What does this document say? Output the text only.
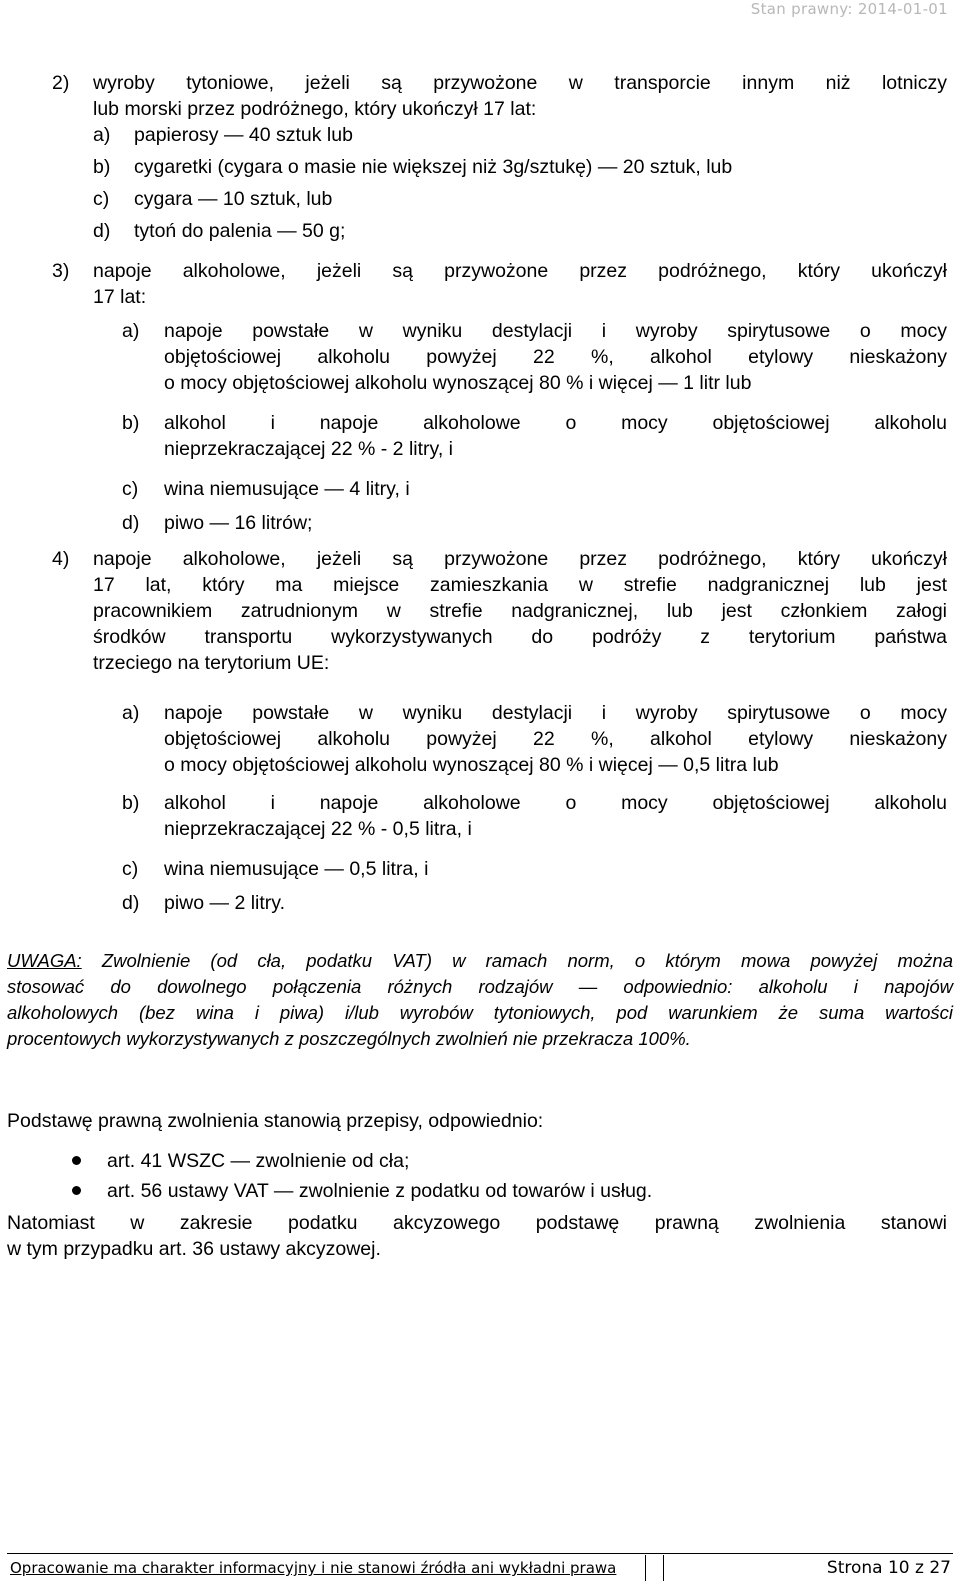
Stan prawny: 2014-01-01
2) wyroby tytoniowe, jeżeli są przywożone w transporcie innym niż lotniczy
lub morski przez podróżnego, który ukończył 17 lat:
a) papierosy — 40 sztuk lub
b) cygaretki (cygara o masie nie większej niż 3g/sztukę) — 20 sztuk, lub
c) cygara — 10 sztuk, lub
d) tytoń do palenia — 50 g;
3) napoje alkoholowe, jeżeli są przywożone przez podróżnego, który ukończył
17 lat:
a) napoje powstałe w wyniku destylacji i wyroby spirytusowe o mocy
objętościowej alkoholu powyżej 22 %, alkohol etylowy nieskażony
o mocy objętościowej alkoholu wynoszącej 80 % i więcej — 1 litr lub
b) alkohol i napoje alkoholowe o mocy objętościowej alkoholu
nieprzekraczającej 22 % - 2 litry, i
c) wina niemusujące — 4 litry, i
d) piwo — 16 litrów;
4) napoje alkoholowe, jeżeli są przywożone przez podróżnego, który ukończył
17 lat, który ma miejsce zamieszkania w strefie nadgranicznej lub jest
pracownikiem zatrudnionym w strefie nadgranicznej, lub jest członkiem załogi
środków transportu wykorzystywanych do podróży z terytorium państwa
trzeciego na terytorium UE:
a) napoje powstałe w wyniku destylacji i wyroby spirytusowe o mocy
objętościowej alkoholu powyżej 22 %, alkohol etylowy nieskażony
o mocy objętościowej alkoholu wynoszącej 80 % i więcej — 0,5 litra lub
b) alkohol i napoje alkoholowe o mocy objętościowej alkoholu
nieprzekraczającej 22 % - 0,5 litra, i
c) wina niemusujące — 0,5 litra, i
d) piwo — 2 litry.
UWAGA: Zwolnienie (od cła, podatku VAT) w ramach norm, o którym mowa powyżej można
stosować do dowolnego połączenia różnych rodzajów — odpowiednio: alkoholu i napojów
alkoholowych (bez wina i piwa) i/lub wyrobów tytoniowych, pod warunkiem że suma wartości
procentowych wykorzystywanych z poszczególnych zwolnień nie przekracza 100%.
Podstawę prawną zwolnienia stanowią przepisy, odpowiednio:
art. 41 WSZC — zwolnienie od cła;
art. 56 ustawy VAT — zwolnienie z podatku od towarów i usług.
Natomiast w zakresie podatku akcyzowego podstawę prawną zwolnienia stanowi
w tym przypadku art. 36 ustawy akcyzowej.
Opracowanie ma charakter informacyjny i nie stanowi źródła ani wykładni prawa	Strona 10 z 27
